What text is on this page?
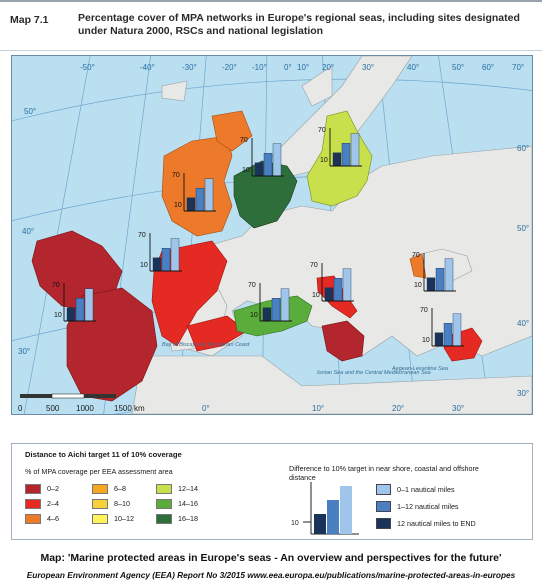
Map 7.1	Percentage cover of MPA networks in Europe's regional seas, including sites designated under Natura 2000, RSCs and national legislation
70
10
70
10
70
10
70
10
70
10
70
10
70
10
70
10
70
10
-50°	-40°	-30°	-20° -10° 0° 10° 20°	30°	40°	50° 60° 70°
50°
40°
30°
60°
50°
40°
30°
0°	10°	20°	30°
Bay of Biscay and the Iberian Coast
Ionian Sea and the Central Mediterranean Sea
Aegean-Levantine Sea
0	500 1000	1500 km
Distance to Aichi target 11 of 10% coverage
% of MPA coverage per EEA assessment area
0–2
2–4
4–6
6–8
8–10
10–12
12–14
14–16
16–18
Difference to 10% target in near shore, coastal and offshore distance
10
0–1 nautical miles
1–12 nautical miles
12 nautical miles to END
Map: 'Marine protected areas in Europe's seas - An overview and perspectives for the future'
European Environment Agency (EEA) Report No 3/2015 www.eea.europa.eu/publications/marine-protected-areas-in-europes
